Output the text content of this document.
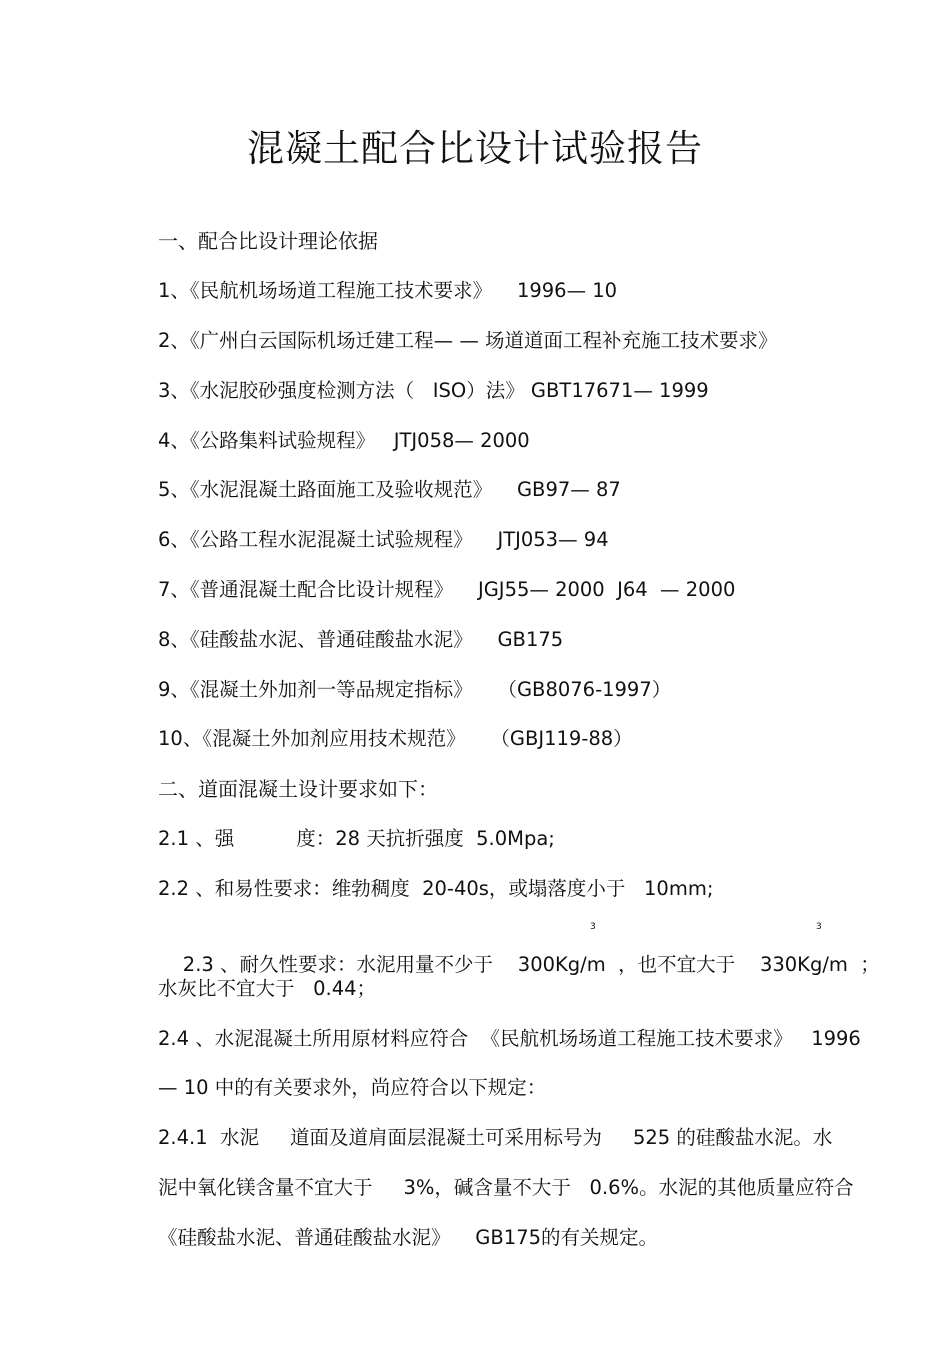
混凝土配合比设计试验报告
一、配合比设计理论依据
1、《民航机场场道工程施工技术要求》    1996— 10
2、《广州白云国际机场迁建工程— — 场道道面工程补充施工技术要求》
3、《水泥胶砂强度检测方法（   ISO）法》 GBT17671— 1999
4、《公路集料试验规程》   JTJ058— 2000
5、《水泥混凝土路面施工及验收规范》    GB97— 87
6、《公路工程水泥混凝土试验规程》    JTJ053— 94
7、《普通混凝土配合比设计规程》    JGJ55— 2000  J64  — 2000
8、《硅酸盐水泥、普通硅酸盐水泥》    GB175
9、《混凝土外加剂一等品规定指标》    （GB8076-1997）
10、《混凝土外加剂应用技术规范》    （GBJ119-88）
二、道面混凝土设计要求如下：
2.1 、强          度：28 天抗折强度  5.0Mpa;
2.2 、和易性要求：维勃稠度  20-40s，或塌落度小于   10mm;

2.3 、耐久性要求：水泥用量不少于    300Kg/m  ，也不宜大于    330Kg/m  ；

3	3
水灰比不宜大于   0.44；
2.4 、水泥混凝土所用原材料应符合  《民航机场场道工程施工技术要求》   1996
— 10 中的有关要求外，尚应符合以下规定：
2.4.1  水泥     道面及道肩面层混凝土可采用标号为     525 的硅酸盐水泥。水
泥中氧化镁含量不宜大于     3%，碱含量不大于   0.6%。水泥的其他质量应符合
《硅酸盐水泥、普通硅酸盐水泥》    GB175的有关规定。
